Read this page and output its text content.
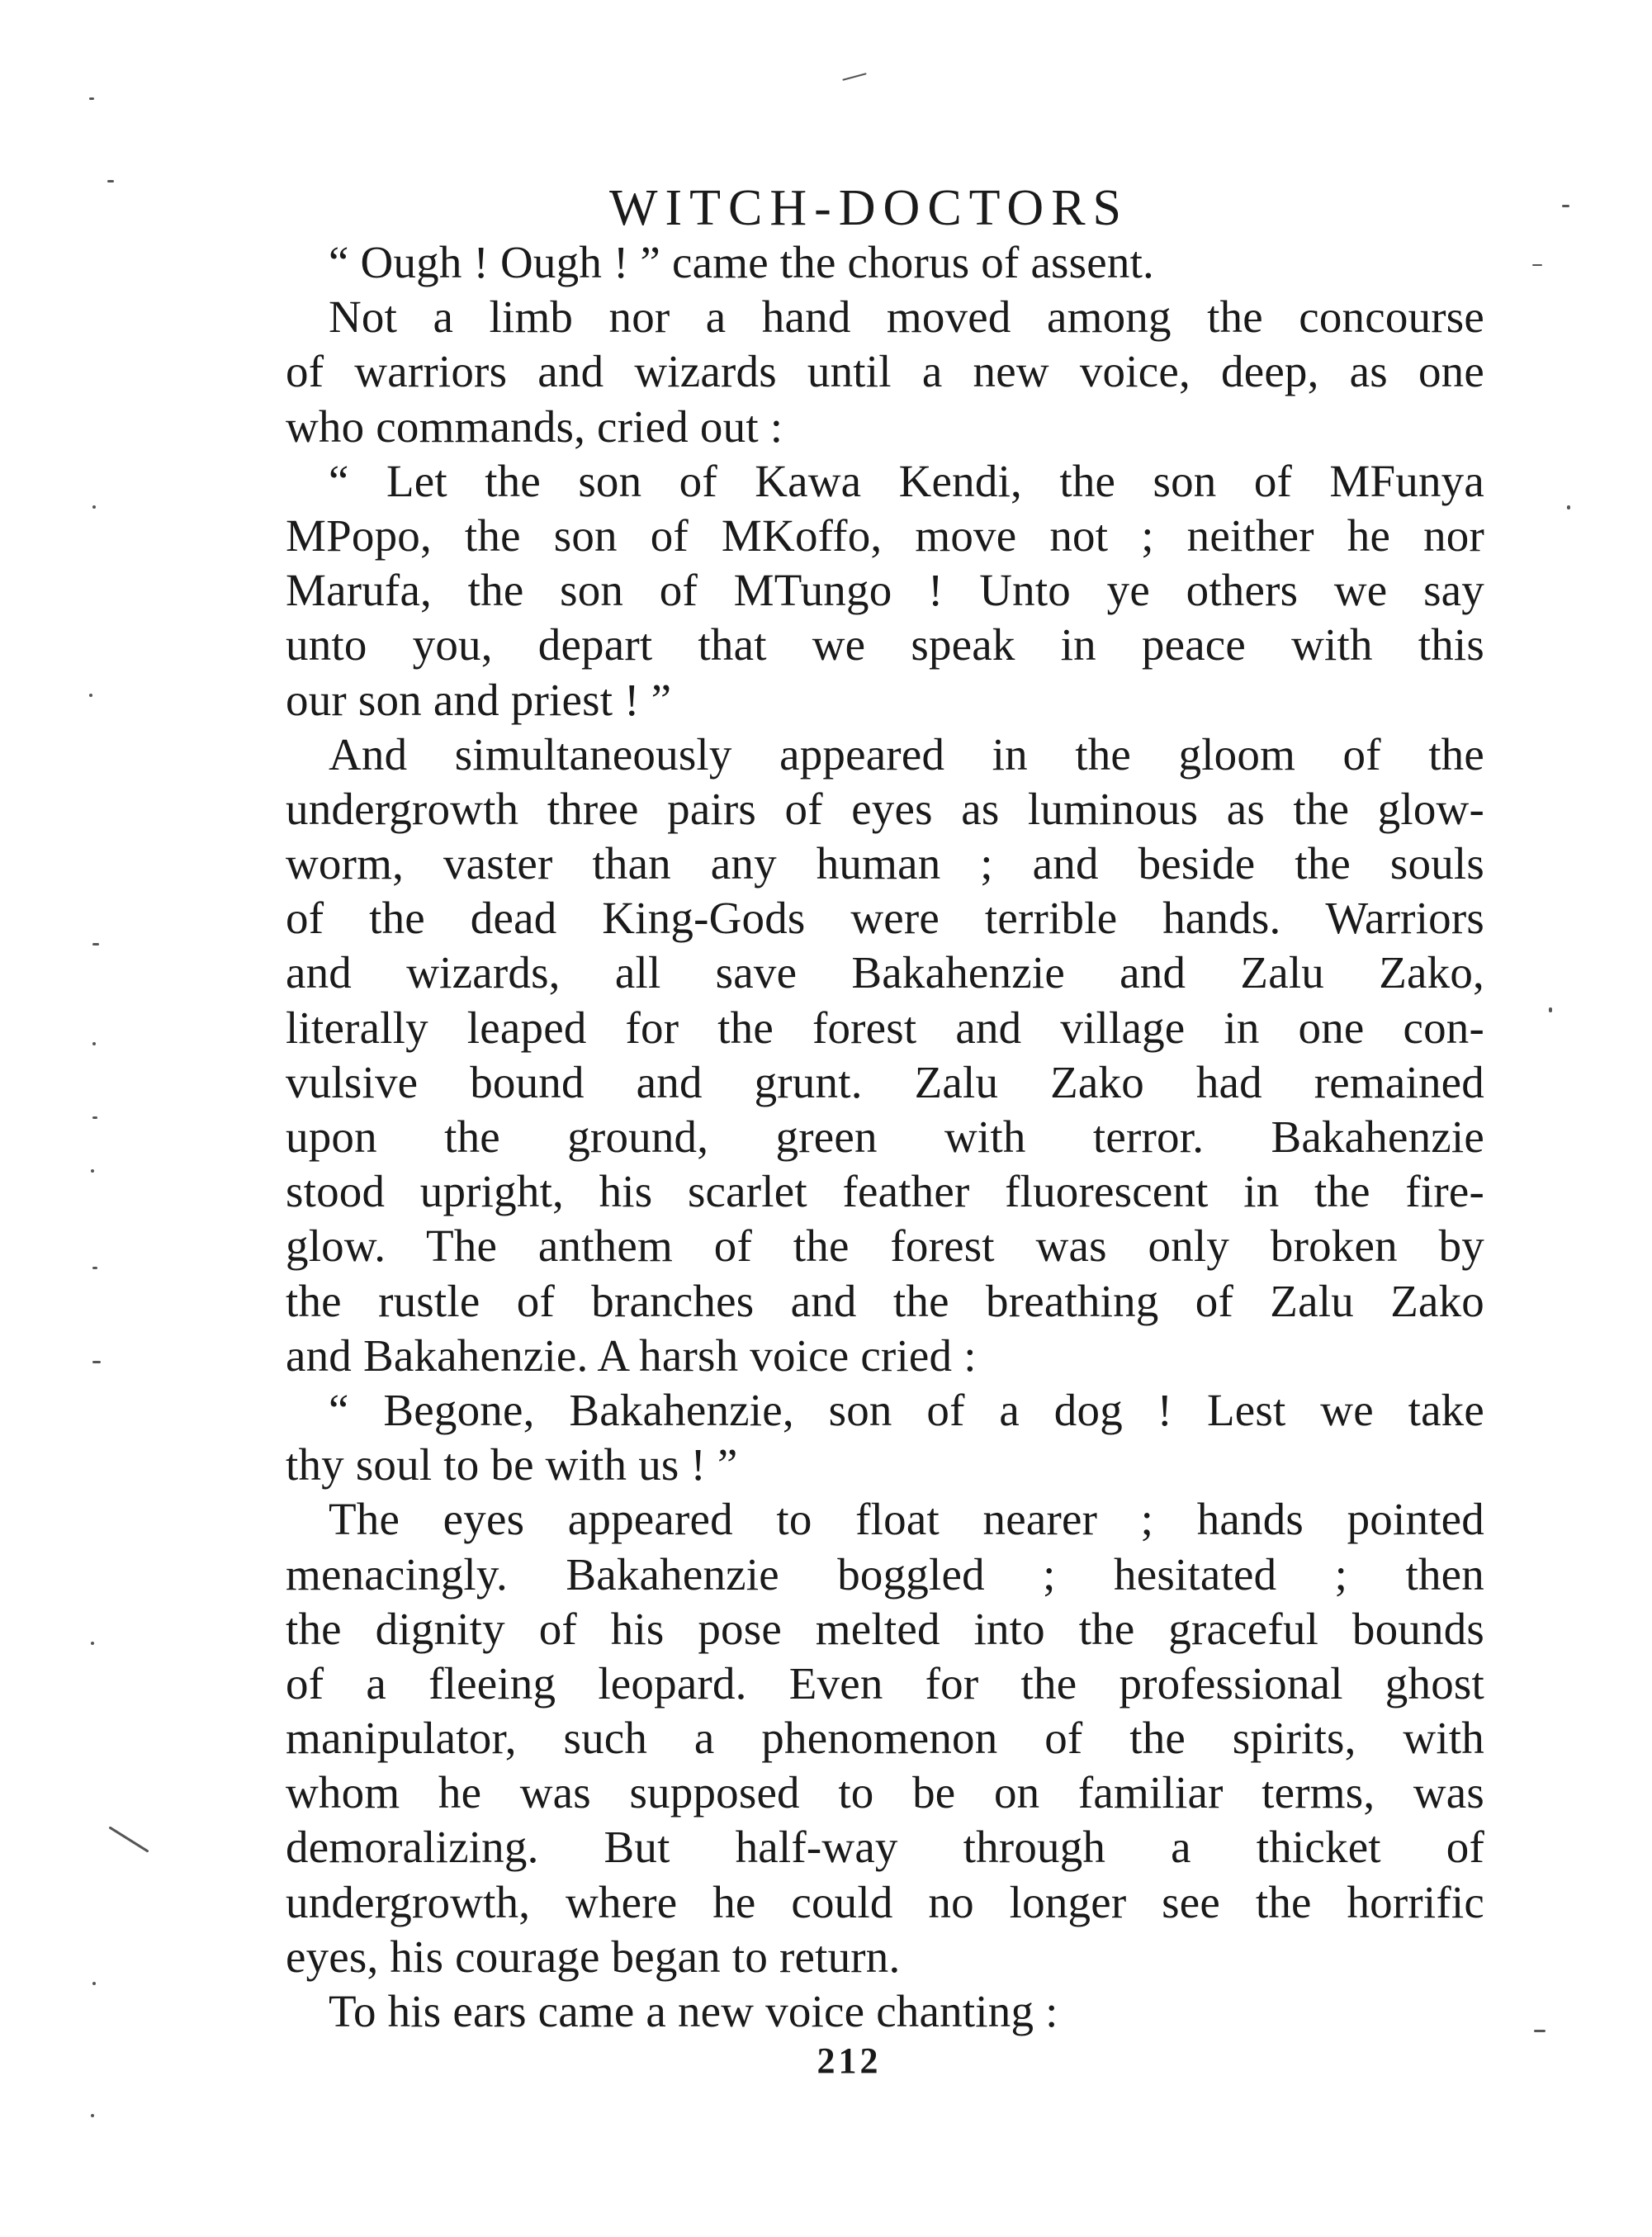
WITCH-DOCTORS
“ Ough ! Ough ! ” came the chorus of assent.
Not a limb nor a hand moved among the concourse
of warriors and wizards until a new voice, deep, as one
who commands, cried out :
“ Let the son of Kawa Kendi, the son of MFunya
MPopo, the son of MKoffo, move not ; neither he nor
Marufa, the son of MTungo ! Unto ye others we say
unto you, depart that we speak in peace with this
our son and priest ! ”
And simultaneously appeared in the gloom of the
undergrowth three pairs of eyes as luminous as the glow-
worm, vaster than any human ; and beside the souls
of the dead King-Gods were terrible hands. Warriors
and wizards, all save Bakahenzie and Zalu Zako,
literally leaped for the forest and village in one con-
vulsive bound and grunt. Zalu Zako had remained
upon the ground, green with terror. Bakahenzie
stood upright, his scarlet feather fluorescent in the fire-
glow. The anthem of the forest was only broken by
the rustle of branches and the breathing of Zalu Zako
and Bakahenzie. A harsh voice cried :
“ Begone, Bakahenzie, son of a dog ! Lest we take
thy soul to be with us ! ”
The eyes appeared to float nearer ; hands pointed
menacingly. Bakahenzie boggled ; hesitated ; then
the dignity of his pose melted into the graceful bounds
of a fleeing leopard. Even for the professional ghost
manipulator, such a phenomenon of the spirits, with
whom he was supposed to be on familiar terms, was
demoralizing. But half-way through a thicket of
undergrowth, where he could no longer see the horrific
eyes, his courage began to return.
To his ears came a new voice chanting :
212
